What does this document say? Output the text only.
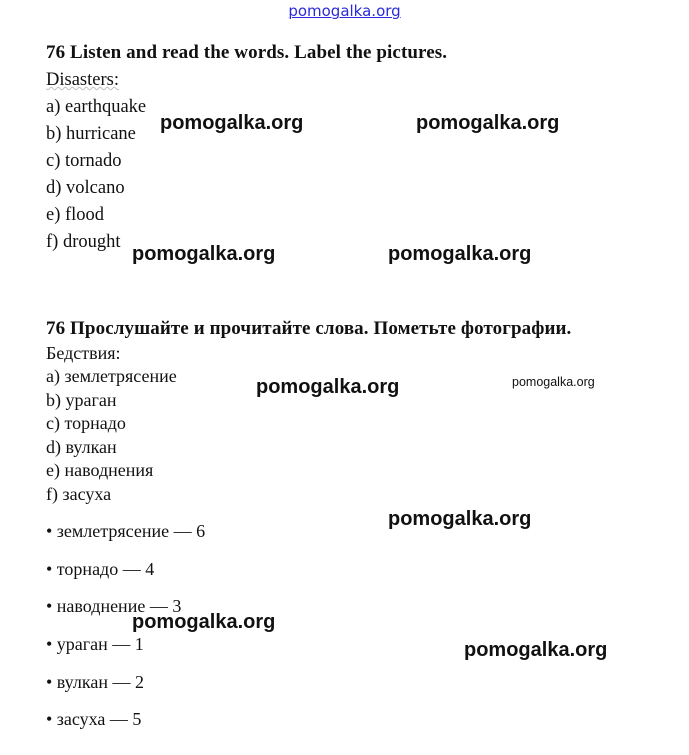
pomogalka.org
76 Listen and read the words. Label the pictures.
Disasters:
a) earthquake
b) hurricane
c) tornado
d) volcano
e) flood
f) drought
76 Прослушайте и прочитайте слова. Пометьте фотографии.
Бедствия:
a) землетрясение
b) ураган
c) торнадо
d) вулкан
e) наводнения
f) засуха
• землетрясение — 6
• торнадо — 4
• наводнение — 3
• ураган — 1
• вулкан — 2
• засуха — 5
pomogalka.org	pomogalka.org
pomogalka.org	pomogalka.org
pomogalka.org	pomogalka.org
pomogalka.org
pomogalka.org
pomogalka.org
